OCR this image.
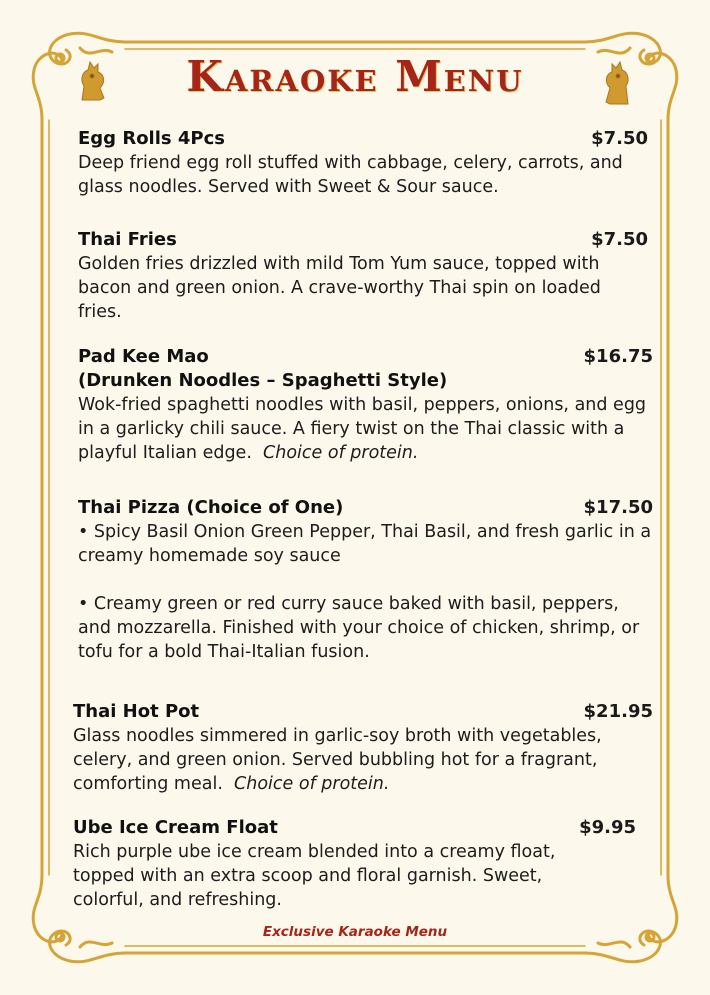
Karaoke Menu
Egg Rolls 4Pcs	$7.50
Deep friend egg roll stuffed with cabbage, celery, carrots, and glass noodles. Served with Sweet & Sour sauce.
Thai Fries	$7.50
Golden fries drizzled with mild Tom Yum sauce, topped with bacon and green onion. A crave-worthy Thai spin on loaded fries.
Pad Kee Mao	$16.75
(Drunken Noodles – Spaghetti Style)
Wok-fried spaghetti noodles with basil, peppers, onions, and egg in a garlicky chili sauce. A fiery twist on the Thai classic with a playful Italian edge. Choice of protein.
Thai Pizza (Choice of One)	$17.50
• Spicy Basil Onion Green Pepper, Thai Basil, and fresh garlic in a creamy homemade soy sauce
• Creamy green or red curry sauce baked with basil, peppers, and mozzarella. Finished with your choice of chicken, shrimp, or tofu for a bold Thai-Italian fusion.
Thai Hot Pot	$21.95
Glass noodles simmered in garlic-soy broth with vegetables, celery, and green onion. Served bubbling hot for a fragrant, comforting meal. Choice of protein.
Ube Ice Cream Float	$9.95
Rich purple ube ice cream blended into a creamy float, topped with an extra scoop and floral garnish. Sweet, colorful, and refreshing.
Exclusive Karaoke Menu
